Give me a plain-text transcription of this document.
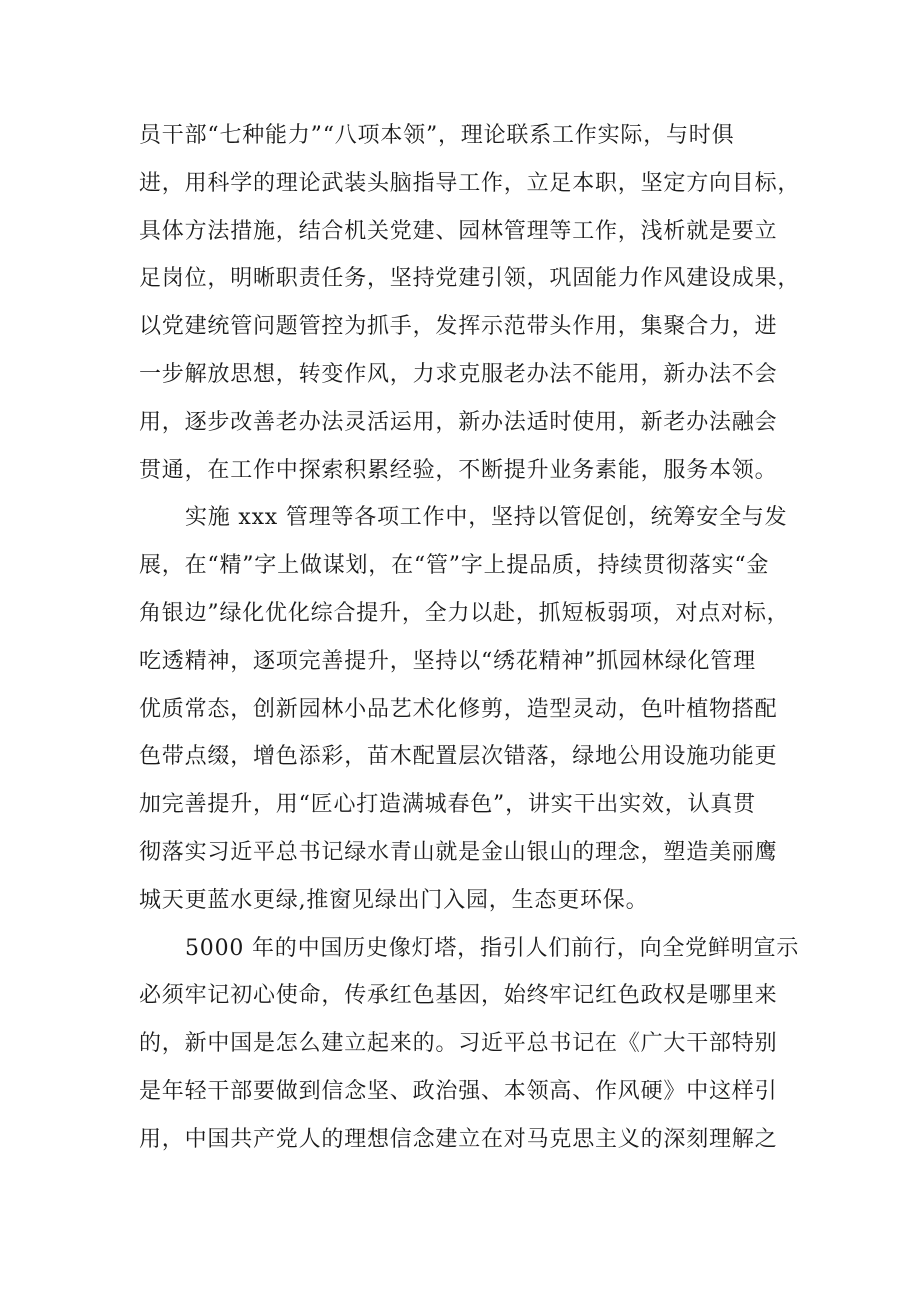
员干部“七种能力”“八项本领”，理论联系工作实际，与时俱
进，用科学的理论武装头脑指导工作，立足本职，坚定方向目标，
具体方法措施，结合机关党建、园林管理等工作，浅析就是要立
足岗位，明晰职责任务，坚持党建引领，巩固能力作风建设成果，
以党建统管问题管控为抓手，发挥示范带头作用，集聚合力，进
一步解放思想，转变作风，力求克服老办法不能用，新办法不会
用，逐步改善老办法灵活运用，新办法适时使用，新老办法融会
贯通，在工作中探索积累经验，不断提升业务素能，服务本领。
实施 xxx 管理等各项工作中，坚持以管促创，统筹安全与发
展，在“精”字上做谋划，在“管”字上提品质，持续贯彻落实“金
角银边”绿化优化综合提升，全力以赴，抓短板弱项，对点对标，
吃透精神，逐项完善提升，坚持以“绣花精神”抓园林绿化管理
优质常态，创新园林小品艺术化修剪，造型灵动，色叶植物搭配
色带点缀，增色添彩，苗木配置层次错落，绿地公用设施功能更
加完善提升，用“匠心打造满城春色”，讲实干出实效，认真贯
彻落实习近平总书记绿水青山就是金山银山的理念，塑造美丽鹰
城天更蓝水更绿,推窗见绿出门入园，生态更环保。
5000 年的中国历史像灯塔，指引人们前行，向全党鲜明宣示
必须牢记初心使命，传承红色基因，始终牢记红色政权是哪里来
的，新中国是怎么建立起来的。习近平总书记在《广大干部特别
是年轻干部要做到信念坚、政治强、本领高、作风硬》中这样引
用，中国共产党人的理想信念建立在对马克思主义的深刻理解之
